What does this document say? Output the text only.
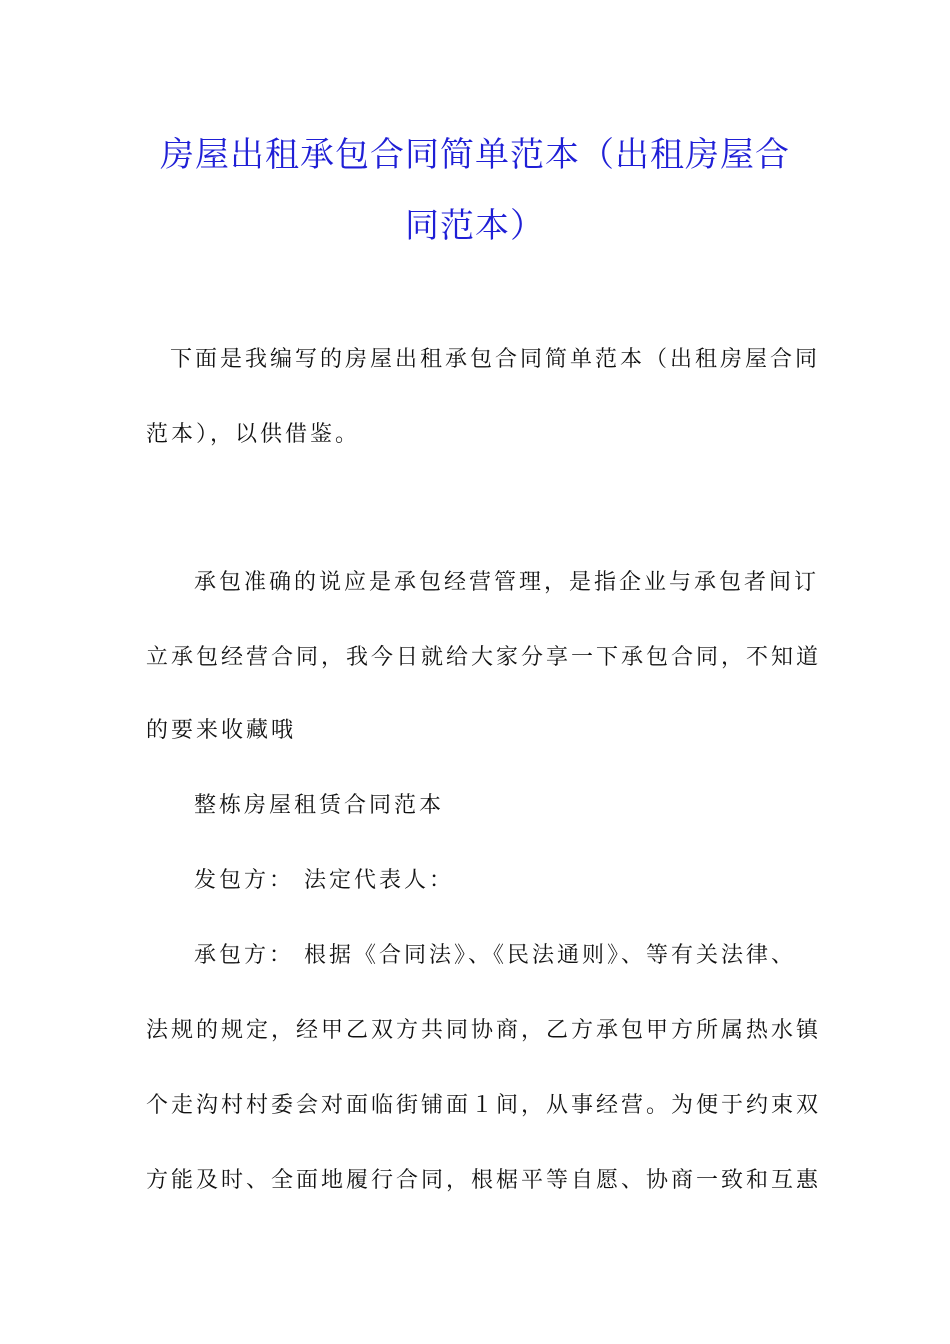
房屋出租承包合同简单范本（出租房屋合
同范本）
下面是我编写的房屋出租承包合同简单范本（出租房屋合同
范本），以供借鉴。
承包准确的说应是承包经营管理，是指企业与承包者间订
立承包经营合同，我今日就给大家分享一下承包合同，不知道
的要来收藏哦
整栋房屋租赁合同范本
发包方： 法定代表人：
承包方： 根据《合同法》、《民法通则》、等有关法律、
法规的规定，经甲乙双方共同协商，乙方承包甲方所属热水镇
个走沟村村委会对面临街铺面１间，从事经营。为便于约束双
方能及时、全面地履行合同，根椐平等自愿、协商一致和互惠
